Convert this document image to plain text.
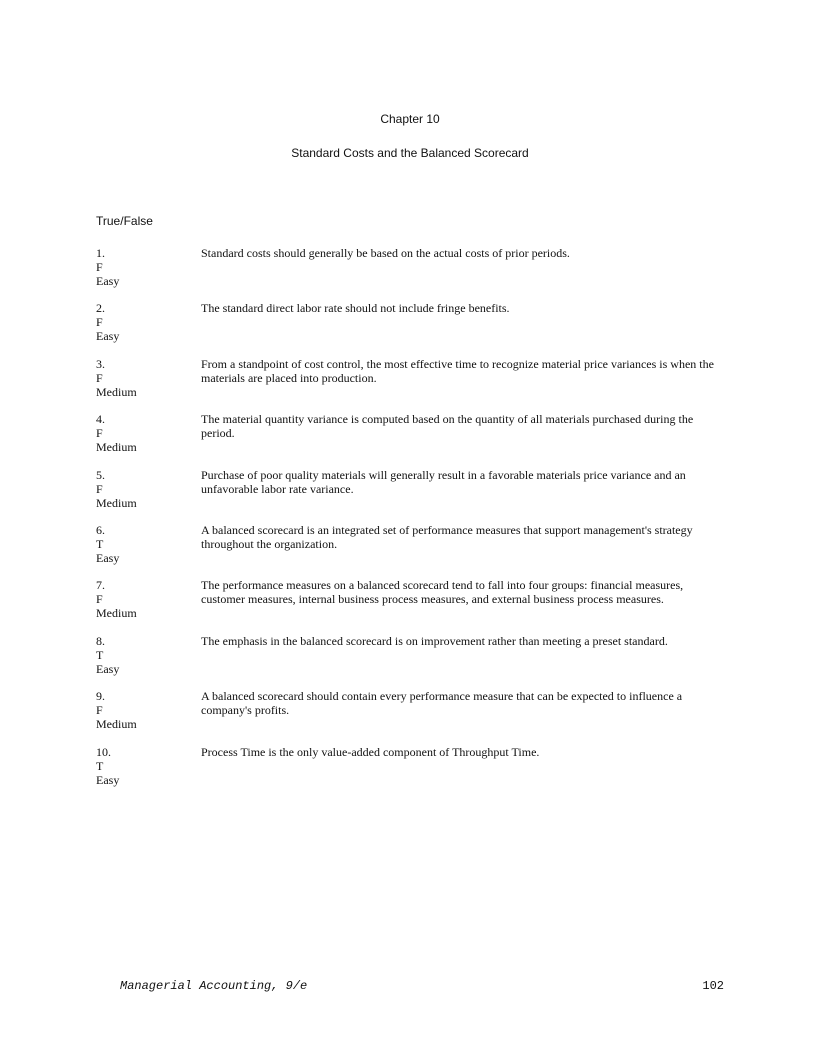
Chapter 10
Standard Costs and the Balanced Scorecard
True/False
1.
F
Easy
Standard costs should generally be based on the actual costs of prior periods.
2.
F
Easy
The standard direct labor rate should not include fringe benefits.
3.
F
Medium
From a standpoint of cost control, the most effective time to recognize material price variances is when the materials are placed into production.
4.
F
Medium
The material quantity variance is computed based on the quantity of all materials purchased during the period.
5.
F
Medium
Purchase of poor quality materials will generally result in a favorable materials price variance and an unfavorable labor rate variance.
6.
T
Easy
A balanced scorecard is an integrated set of performance measures that support management's strategy throughout the organization.
7.
F
Medium
The performance measures on a balanced scorecard tend to fall into four groups: financial measures, customer measures, internal business process measures, and external business process measures.
8.
T
Easy
The emphasis in the balanced scorecard is on improvement rather than meeting a preset standard.
9.
F
Medium
A balanced scorecard should contain every performance measure that can be expected to influence a company's profits.
10.
T
Easy
Process Time is the only value-added component of Throughput Time.
Managerial Accounting, 9/e	102
